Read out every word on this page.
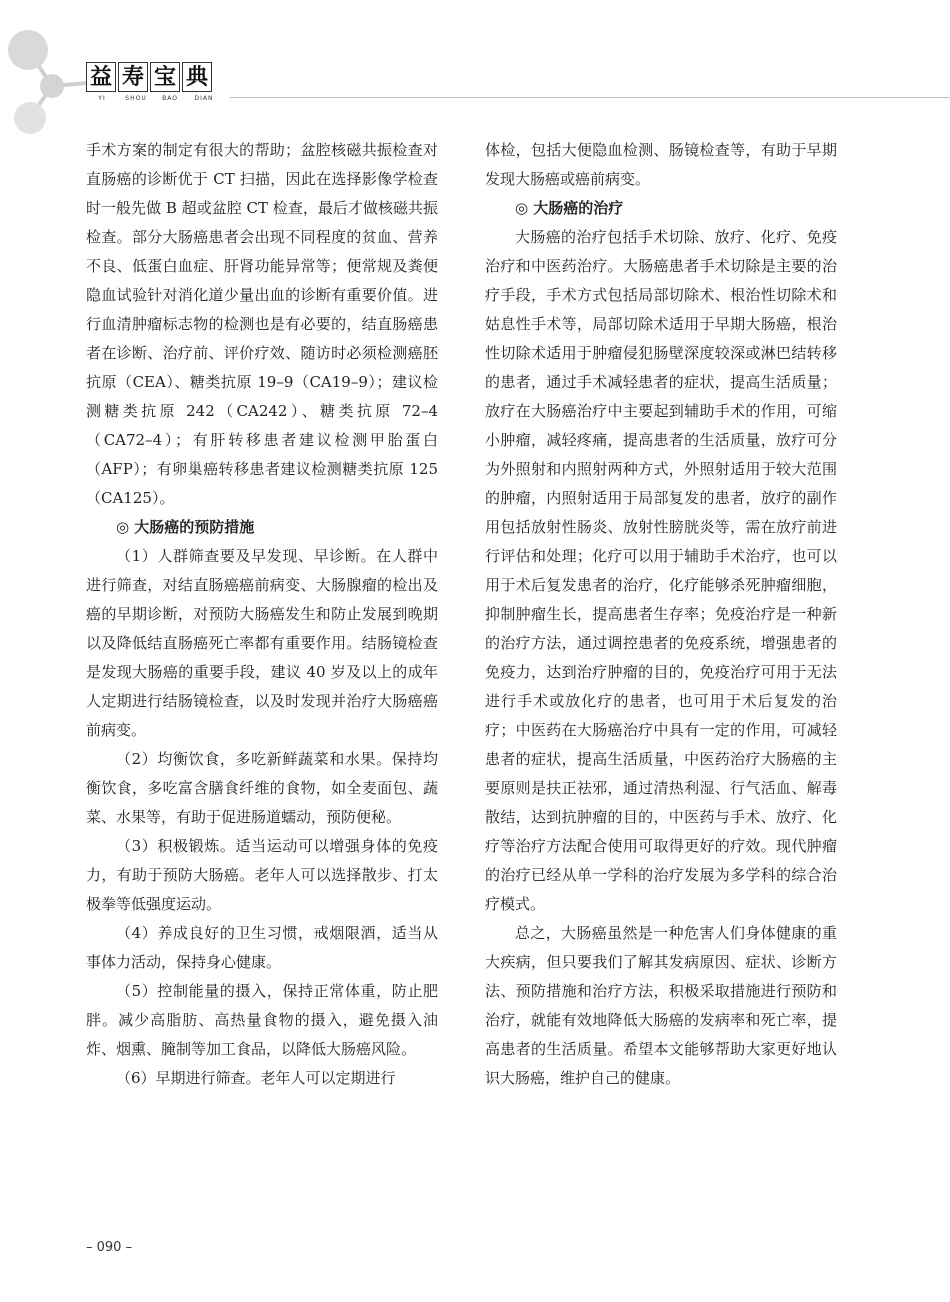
益 寿 宝 典
YI	SHOU	BAO	DIAN

手术方案的制定有很大的帮助；盆腔核磁共振检查对直肠癌的诊断优于 CT 扫描，因此在选择影像学检查时一般先做 B 超或盆腔 CT 检查，最后才做核磁共振检查。部分大肠癌患者会出现不同程度的贫血、营养不良、低蛋白血症、肝肾功能异常等；便常规及粪便隐血试验针对消化道少量出血的诊断有重要价值。进行血清肿瘤标志物的检测也是有必要的，结直肠癌患者在诊断、治疗前、评价疗效、随访时必须检测癌胚抗原（CEA）、糖类抗原 19–9（CA19–9）；建议检测糖类抗原 242（CA242）、糖类抗原 72–4（CA72–4）；有肝转移患者建议检测甲胎蛋白（AFP）；有卵巢癌转移患者建议检测糖类抗原 125（CA125）。

◎ 大肠癌的预防措施

（1）人群筛查要及早发现、早诊断。在人群中进行筛查，对结直肠癌癌前病变、大肠腺瘤的检出及癌的早期诊断，对预防大肠癌发生和防止发展到晚期以及降低结直肠癌死亡率都有重要作用。结肠镜检查是发现大肠癌的重要手段，建议 40 岁及以上的成年人定期进行结肠镜检查，以及时发现并治疗大肠癌癌前病变。

（2）均衡饮食，多吃新鲜蔬菜和水果。保持均衡饮食，多吃富含膳食纤维的食物，如全麦面包、蔬菜、水果等，有助于促进肠道蠕动，预防便秘。

（3）积极锻炼。适当运动可以增强身体的免疫力，有助于预防大肠癌。老年人可以选择散步、打太极拳等低强度运动。

（4）养成良好的卫生习惯，戒烟限酒，适当从事体力活动，保持身心健康。

（5）控制能量的摄入，保持正常体重，防止肥胖。减少高脂肪、高热量食物的摄入，避免摄入油炸、烟熏、腌制等加工食品，以降低大肠癌风险。

（6）早期进行筛查。老年人可以定期进行

体检，包括大便隐血检测、肠镜检查等，有助于早期发现大肠癌或癌前病变。

◎ 大肠癌的治疗

大肠癌的治疗包括手术切除、放疗、化疗、免疫治疗和中医药治疗。大肠癌患者手术切除是主要的治疗手段，手术方式包括局部切除术、根治性切除术和姑息性手术等，局部切除术适用于早期大肠癌，根治性切除术适用于肿瘤侵犯肠壁深度较深或淋巴结转移的患者，通过手术减轻患者的症状，提高生活质量；放疗在大肠癌治疗中主要起到辅助手术的作用，可缩小肿瘤，减轻疼痛，提高患者的生活质量，放疗可分为外照射和内照射两种方式，外照射适用于较大范围的肿瘤，内照射适用于局部复发的患者，放疗的副作用包括放射性肠炎、放射性膀胱炎等，需在放疗前进行评估和处理；化疗可以用于辅助手术治疗，也可以用于术后复发患者的治疗，化疗能够杀死肿瘤细胞，抑制肿瘤生长，提高患者生存率；免疫治疗是一种新的治疗方法，通过调控患者的免疫系统，增强患者的免疫力，达到治疗肿瘤的目的，免疫治疗可用于无法进行手术或放化疗的患者，也可用于术后复发的治疗；中医药在大肠癌治疗中具有一定的作用，可减轻患者的症状，提高生活质量，中医药治疗大肠癌的主要原则是扶正祛邪，通过清热利湿、行气活血、解毒散结，达到抗肿瘤的目的，中医药与手术、放疗、化疗等治疗方法配合使用可取得更好的疗效。现代肿瘤的治疗已经从单一学科的治疗发展为多学科的综合治疗模式。

总之，大肠癌虽然是一种危害人们身体健康的重大疾病，但只要我们了解其发病原因、症状、诊断方法、预防措施和治疗方法，积极采取措施进行预防和治疗，就能有效地降低大肠癌的发病率和死亡率，提高患者的生活质量。希望本文能够帮助大家更好地认识大肠癌，维护自己的健康。

– 090 –
